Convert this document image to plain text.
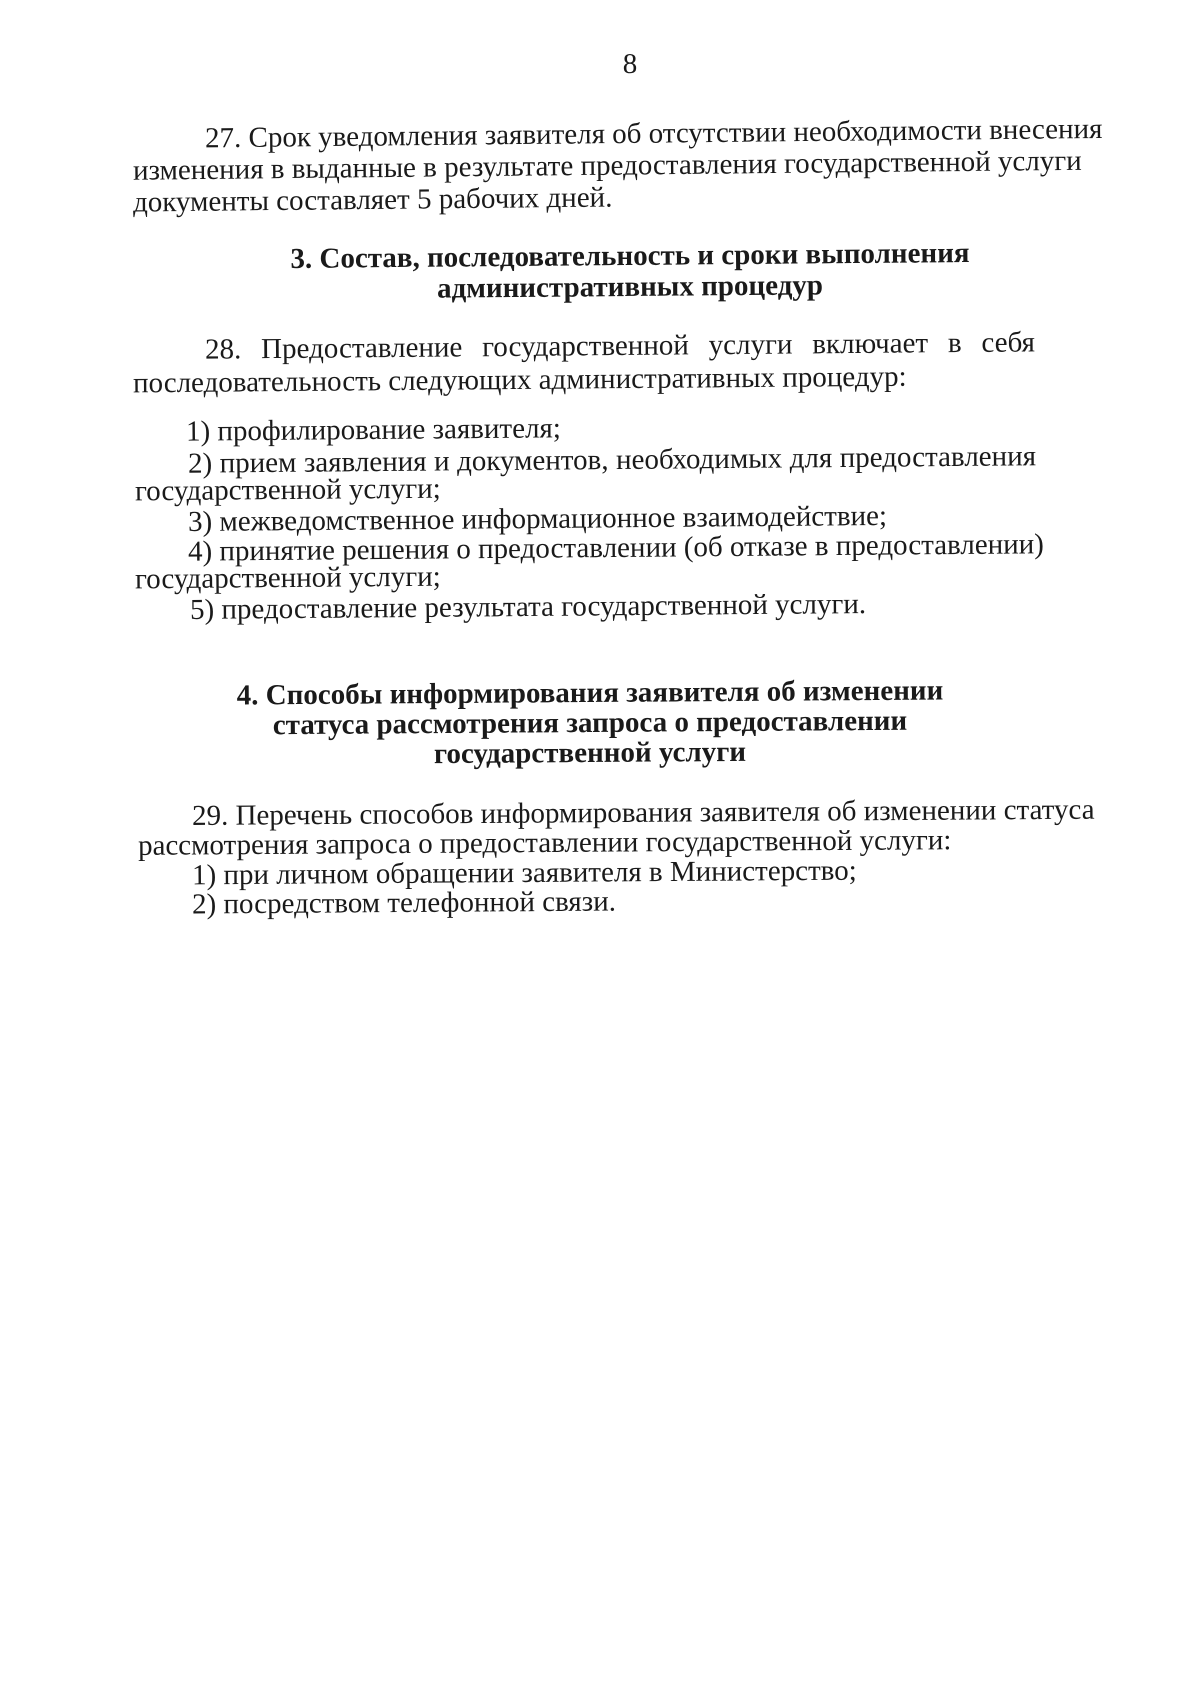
8
27. Срок уведомления заявителя об отсутствии необходимости внесения
изменения в выданные в результате предоставления государственной услуги
документы составляет 5 рабочих дней.
3. Состав, последовательность и сроки выполнения
административных процедур
28. Предоставление государственной услуги включает в себя
последовательность следующих административных процедур:
1) профилирование заявителя;
2) прием заявления и документов, необходимых для предоставления
государственной услуги;
3) межведомственное информационное взаимодействие;
4) принятие решения о предоставлении (об отказе в предоставлении)
государственной услуги;
5) предоставление результата государственной услуги.
4. Способы информирования заявителя об изменении
статуса рассмотрения запроса о предоставлении
государственной услуги
29. Перечень способов информирования заявителя об изменении статуса
рассмотрения запроса о предоставлении государственной услуги:
1) при личном обращении заявителя в Министерство;
2) посредством телефонной связи.
